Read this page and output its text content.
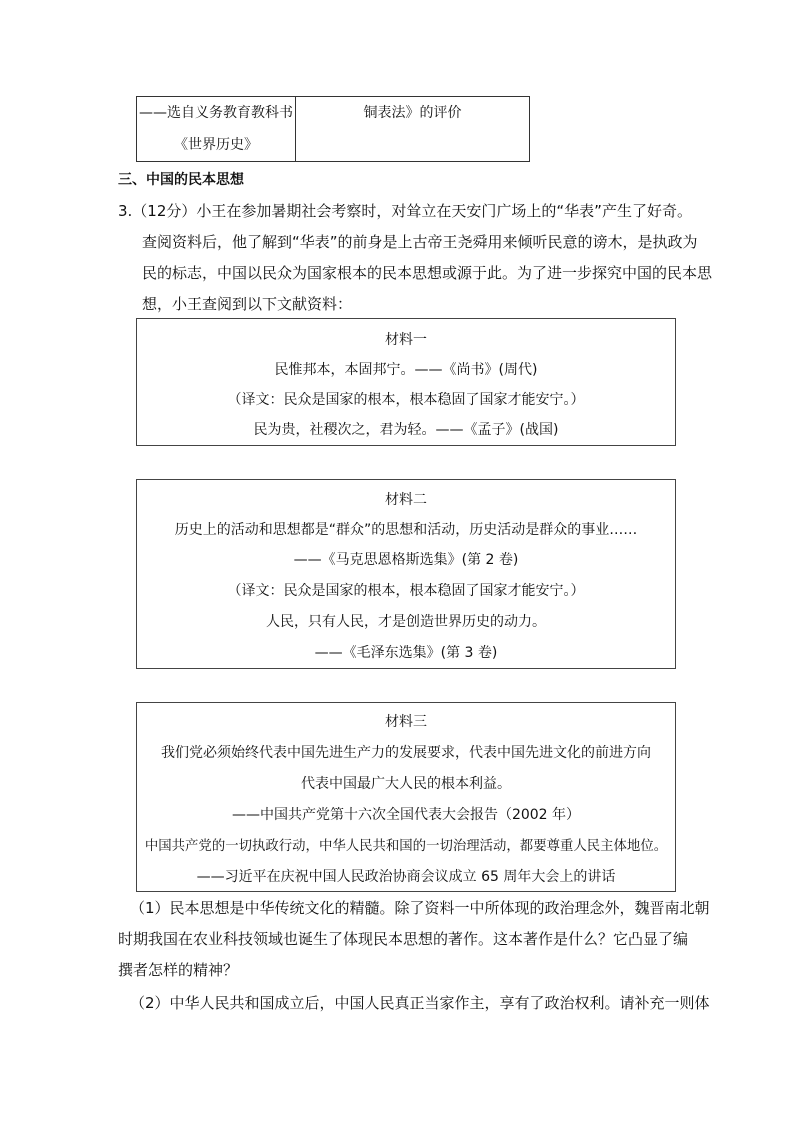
——选自义务教育教科书
《世界历史》
铜表法》的评价
三、中国的民本思想
3.（12分）小王在参加暑期社会考察时，对耸立在天安门广场上的“华表”产生了好奇。
查阅资料后，他了解到“华表”的前身是上古帝王尧舜用来倾听民意的谤木，是执政为
民的标志，中国以民众为国家根本的民本思想或源于此。为了进一步探究中国的民本思
想，小王查阅到以下文献资料：
材料一
民惟邦本，本固邦宁。——《尚书》(周代)
（译文：民众是国家的根本，根本稳固了国家才能安宁。）
民为贵，社稷次之，君为轻。——《孟子》(战国)
材料二
历史上的活动和思想都是“群众”的思想和活动，历史活动是群众的事业……
——《马克思恩格斯选集》(第 2 卷)
（译文：民众是国家的根本，根本稳固了国家才能安宁。）
人民，只有人民，才是创造世界历史的动力。
——《毛泽东选集》(第 3 卷)
材料三
我们党必须始终代表中国先进生产力的发展要求，代表中国先进文化的前进方向
代表中国最广大人民的根本利益。
——中国共产党第十六次全国代表大会报告（2002 年）
中国共产党的一切执政行动，中华人民共和国的一切治理活动，都要尊重人民主体地位。
——习近平在庆祝中国人民政治协商会议成立 65 周年大会上的讲话
（1）民本思想是中华传统文化的精髓。除了资料一中所体现的政治理念外，魏晋南北朝
时期我国在农业科技领域也诞生了体现民本思想的著作。这本著作是什么？它凸显了编
撰者怎样的精神？
（2）中华人民共和国成立后，中国人民真正当家作主，享有了政治权利。请补充一则体
